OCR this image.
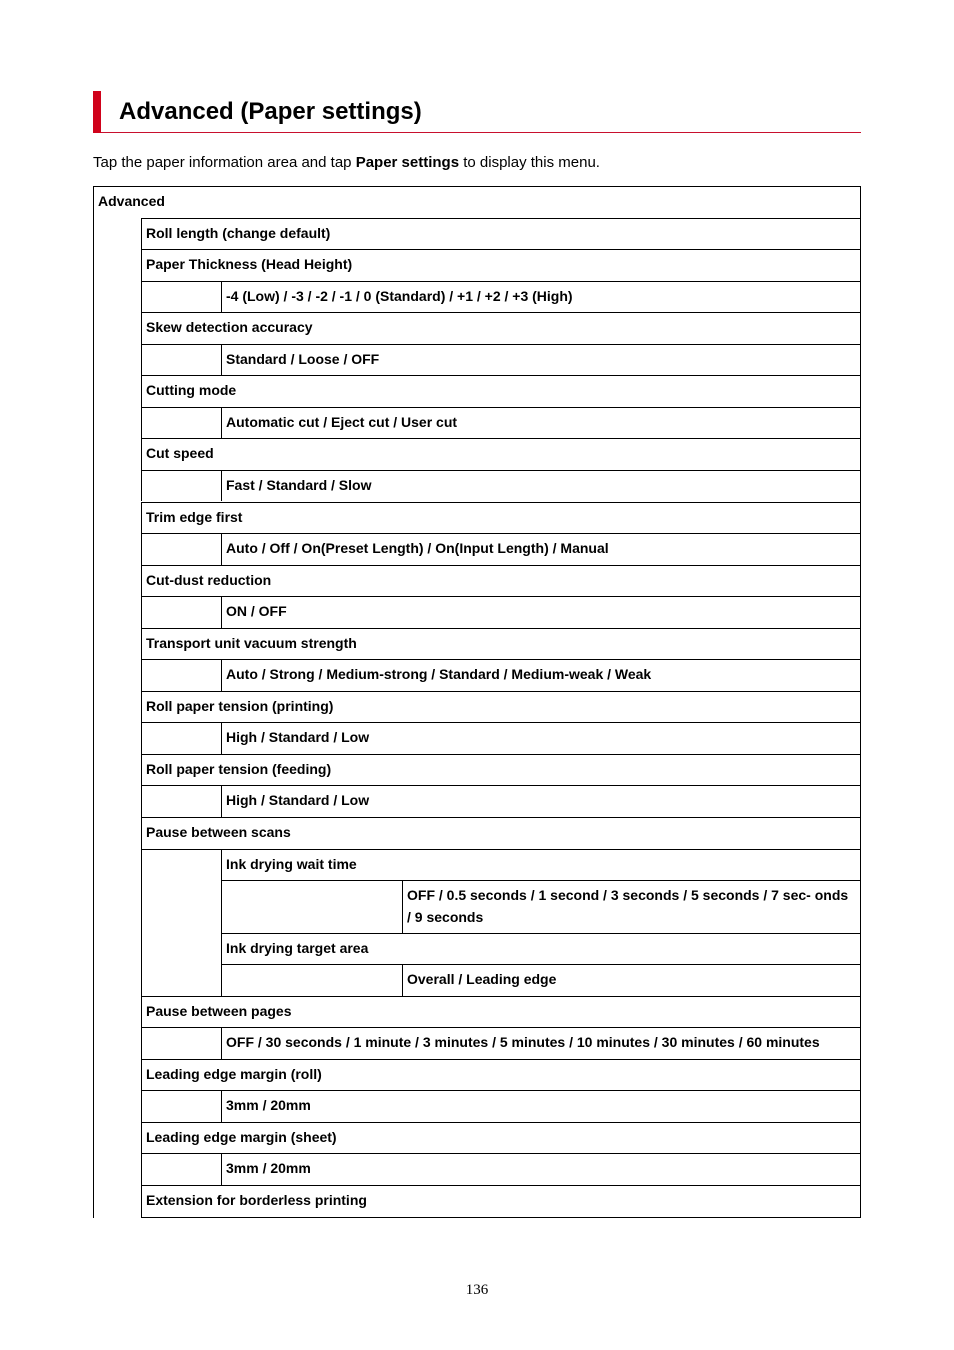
Advanced (Paper settings)

Tap the paper information area and tap Paper settings to display this menu.

Advanced
Roll length (change default)
Paper Thickness (Head Height)
-4 (Low) / -3 / -2 / -1 / 0 (Standard) / +1 / +2 / +3 (High)
Skew detection accuracy
Standard / Loose / OFF
Cutting mode
Automatic cut / Eject cut / User cut
Cut speed
Fast / Standard / Slow
Trim edge first
Auto / Off / On(Preset Length) / On(Input Length) / Manual
Cut-dust reduction
ON / OFF
Transport unit vacuum strength
Auto / Strong / Medium-strong / Standard / Medium-weak / Weak
Roll paper tension (printing)
High / Standard / Low
Roll paper tension (feeding)
High / Standard / Low
Pause between scans
Ink drying wait time
OFF / 0.5 seconds / 1 second / 3 seconds / 5 seconds / 7 sec- onds / 9 seconds
Ink drying target area
Overall / Leading edge
Pause between pages
OFF / 30 seconds / 1 minute / 3 minutes / 5 minutes / 10 minutes / 30 minutes / 60 minutes
Leading edge margin (roll)
3mm / 20mm
Leading edge margin (sheet)
3mm / 20mm
Extension for borderless printing
136
